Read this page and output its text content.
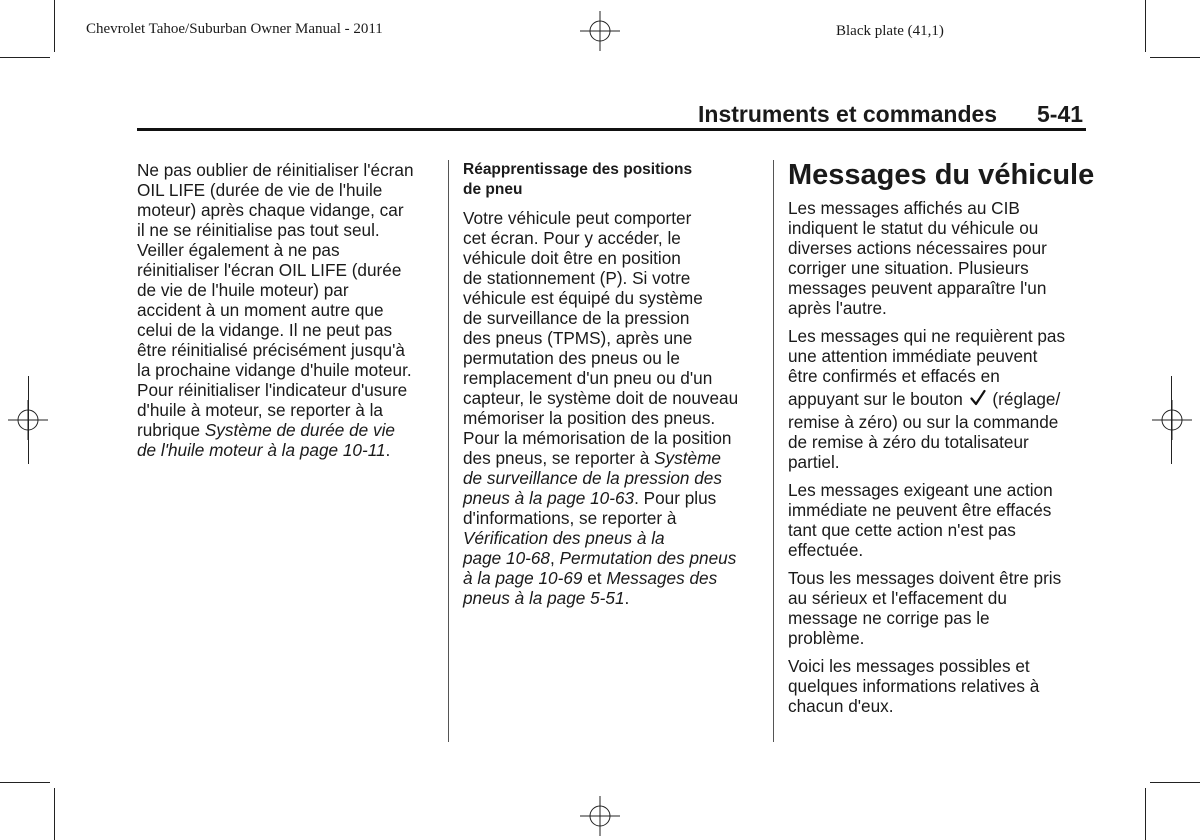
Chevrolet Tahoe/Suburban Owner Manual - 2011	Black plate (41,1)
Instruments et commandes 5-41

Ne pas oublier de réinitialiser l'écran

OIL LIFE (durée de vie de l'huile

moteur) après chaque vidange, car

il ne se réinitialise pas tout seul.

Veiller également à ne pas

réinitialiser l'écran OIL LIFE (durée

de vie de l'huile moteur) par

accident à un moment autre que

celui de la vidange. Il ne peut pas

être réinitialisé précisément jusqu'à

la prochaine vidange d'huile moteur.

Pour réinitialiser l'indicateur d'usure

d'huile à moteur, se reporter à la

rubrique Système de durée de vie

de l'huile moteur à la page 10-11.

Réapprentissage des positions

de pneu

Votre véhicule peut comporter

cet écran. Pour y accéder, le

véhicule doit être en position

de stationnement (P). Si votre

véhicule est équipé du système

de surveillance de la pression

des pneus (TPMS), après une

permutation des pneus ou le

remplacement d'un pneu ou d'un

capteur, le système doit de nouveau

mémoriser la position des pneus.

Pour la mémorisation de la position

des pneus, se reporter à Système

de surveillance de la pression des

pneus à la page 10-63. Pour plus

d'informations, se reporter à

Vérification des pneus à la

page 10-68, Permutation des pneus

à la page 10-69 et Messages des

pneus à la page 5-51.

Messages du véhicule

Les messages affichés au CIB

indiquent le statut du véhicule ou

diverses actions nécessaires pour

corriger une situation. Plusieurs

messages peuvent apparaître l'un

après l'autre.

Les messages qui ne requièrent pas

une attention immédiate peuvent

être confirmés et effacés en

appuyant sur le bouton  (réglage/

remise à zéro) ou sur la commande

de remise à zéro du totalisateur

partiel.

Les messages exigeant une action

immédiate ne peuvent être effacés

tant que cette action n'est pas

effectuée.

Tous les messages doivent être pris

au sérieux et l'effacement du

message ne corrige pas le

problème.

Voici les messages possibles et

quelques informations relatives à

chacun d'eux.
